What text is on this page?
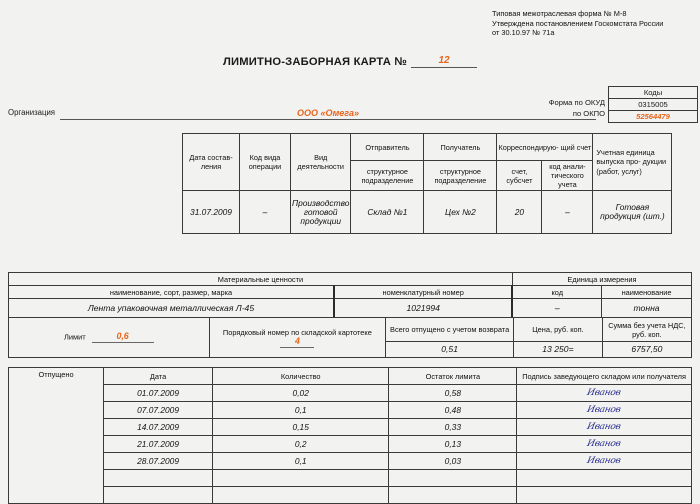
Типовая межотраслевая форма № М-8
Утверждена постановлением Госкомстата России
от 30.10.97 № 71а
ЛИМИТНО-ЗАБОРНАЯ КАРТА №	12
Форма по ОКУД
по ОКПО
Коды
0315005
52564479
Организация	ООО «Омега»
Дата состав- ления	Код вида операции	Вид деятельности	Отправитель	Получатель	Корреспондирую- щий счет		Учетная единица выпуска про- дукции (работ, услуг)
			структурное подразделение	структурное подразделение	счет, субсчет	код анали- тического учета	
31.07.2009	–	Производство готовой продукции	Склад №1	Цех №2	20	–	Готовая продукция (шт.)
Материальные ценности		Единица измерения	
наименование, сорт, размер, марка	номенклатурный номер	код	наименование
Лента упаковочная металлическая Л-45	1021994	–	тонна
Лимит 0,6	Порядковый номер по складской картотеке 4	Всего отпущено с учетом возврата	Цена, руб. коп.	Сумма без учета НДС, руб. коп.
		0,51	13 250=	6757,50
Отпущено	Дата	Количество	Остаток лимита	Подпись заведующего складом или получателя
	01.07.2009	0,02	0,58	Иванов
	07.07.2009	0,1	0,48	Иванов
	14.07.2009	0,15	0,33	Иванов
	21.07.2009	0,2	0,13	Иванов
	28.07.2009	0,1	0,03	Иванов
